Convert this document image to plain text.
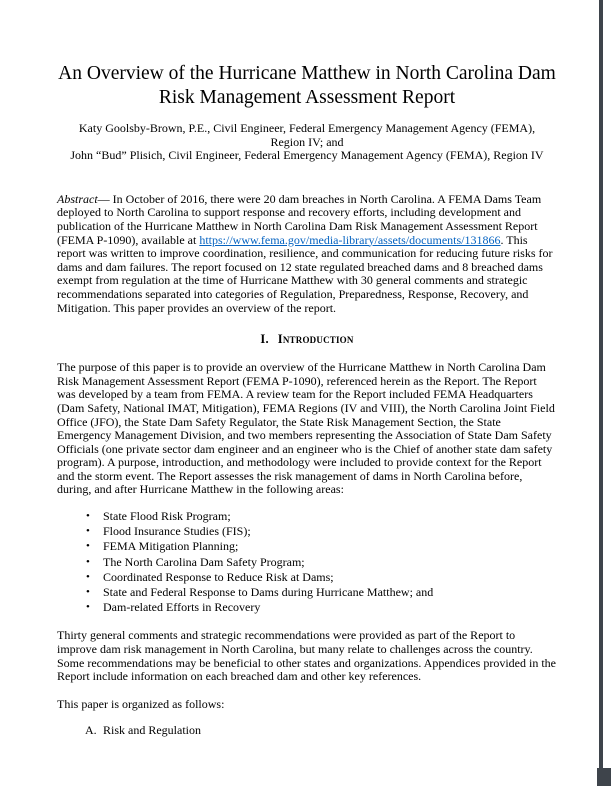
An Overview of the Hurricane Matthew in North Carolina Dam
Risk Management Assessment Report
Katy Goolsby-Brown, P.E., Civil Engineer, Federal Emergency Management Agency (FEMA),
Region IV; and
John “Bud” Plisich, Civil Engineer, Federal Emergency Management Agency (FEMA), Region IV

Abstract— In October of 2016, there were 20 dam breaches in North Carolina. A FEMA Dams Team deployed to North Carolina to support response and recovery efforts, including development and publication of the Hurricane Matthew in North Carolina Dam Risk Management Assessment Report (FEMA P-1090), available at https://www.fema.gov/media-library/assets/documents/131866. This report was written to improve coordination, resilience, and communication for reducing future risks for dams and dam failures. The report focused on 12 state regulated breached dams and 8 breached dams exempt from regulation at the time of Hurricane Matthew with 30 general comments and strategic recommendations separated into categories of Regulation, Preparedness, Response, Recovery, and Mitigation. This paper provides an overview of the report.

I. Introduction

The purpose of this paper is to provide an overview of the Hurricane Matthew in North Carolina Dam Risk Management Assessment Report (FEMA P-1090), referenced herein as the Report. The Report was developed by a team from FEMA. A review team for the Report included FEMA Headquarters (Dam Safety, National IMAT, Mitigation), FEMA Regions (IV and VIII), the North Carolina Joint Field Office (JFO), the State Dam Safety Regulator, the State Risk Management Section, the State Emergency Management Division, and two members representing the Association of State Dam Safety Officials (one private sector dam engineer and an engineer who is the Chief of another state dam safety program). A purpose, introduction, and methodology were included to provide context for the Report and the storm event. The Report assesses the risk management of dams in North Carolina before, during, and after Hurricane Matthew in the following areas:

• State Flood Risk Program;
• Flood Insurance Studies (FIS);
• FEMA Mitigation Planning;
• The North Carolina Dam Safety Program;
• Coordinated Response to Reduce Risk at Dams;
• State and Federal Response to Dams during Hurricane Matthew; and
• Dam-related Efforts in Recovery

Thirty general comments and strategic recommendations were provided as part of the Report to improve dam risk management in North Carolina, but many relate to challenges across the country. Some recommendations may be beneficial to other states and organizations. Appendices provided in the Report include information on each breached dam and other key references.

This paper is organized as follows:

A. Risk and Regulation
